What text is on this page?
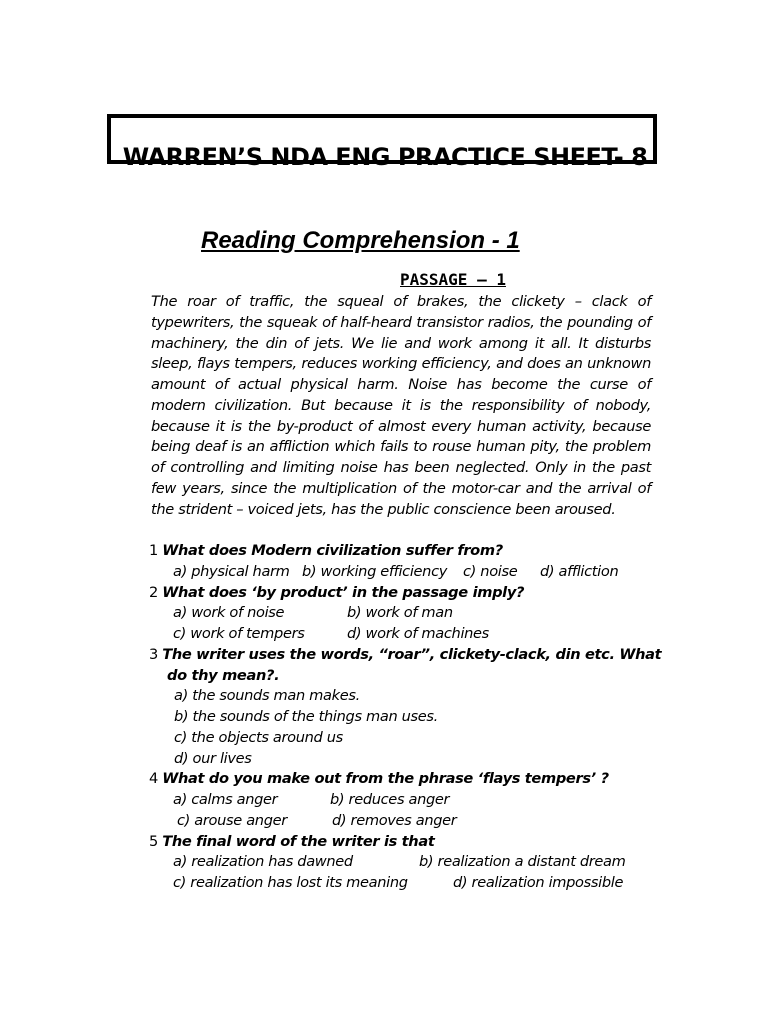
WARREN’S NDA ENG PRACTICE SHEET- 8
Reading Comprehension - 1
PASSAGE – 1
The roar of traffic, the squeal of brakes, the clickety – clack of typewriters, the squeak of half-heard transistor radios, the pounding of machinery, the din of jets. We lie and work among it all. It disturbs sleep, flays tempers, reduces working efficiency, and does an unknown amount of actual physical harm. Noise has become the curse of modern civilization. But because it is the responsibility of nobody, because it is the by-product of almost every human activity, because being deaf is an affliction which fails to rouse human pity, the problem of controlling and limiting noise has been neglected. Only in the past few years, since the multiplication of the motor-car and the arrival of the strident – voiced jets, has the public conscience been aroused.
1 What does Modern civilization suffer from?
a) physical harm b) working efficiency c) noise d) affliction
2 What does ‘by product’ in the passage imply?
a) work of noise	b) work of man
c) work of tempers	d) work of machines
3 The writer uses the words, “roar”, clickety-clack, din etc. What
do thy mean?.
a) the sounds man makes.
b) the sounds of the things man uses.
c) the objects around us
d) our lives
4 What do you make out from the phrase ‘flays tempers’ ?
a) calms anger	b) reduces anger
c) arouse anger	d) removes anger
5 The final word of the writer is that
a) realization has dawned	b) realization a distant dream
c) realization has lost its meaning	d) realization impossible
